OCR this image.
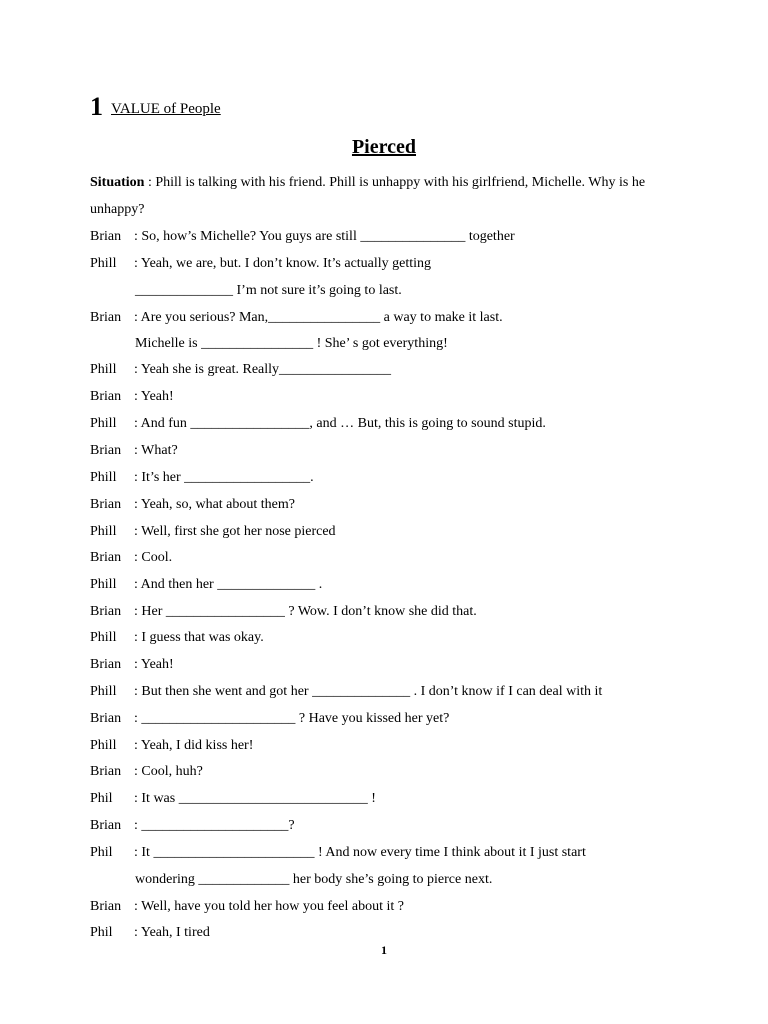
1 VALUE of People
Pierced
Situation : Phill is talking with his friend. Phill is unhappy with his girlfriend, Michelle. Why is he unhappy?
Brian : So, how’s Michelle? You guys are still _______________ together
Phill : Yeah, we are, but. I don’t know. It’s actually getting
______________ I’m not sure it’s going to last.
Brian : Are you serious? Man,________________ a way to make it last.
Michelle is ________________ ! She’ s got everything!
Phill : Yeah she is great. Really________________
Brian : Yeah!
Phill : And fun _________________, and … But, this is going to sound stupid.
Brian : What?
Phill : It’s her __________________.
Brian : Yeah, so, what about them?
Phill : Well, first she got her nose pierced
Brian : Cool.
Phill : And then her ______________ .
Brian : Her _________________ ? Wow. I don’t know she did that.
Phill : I guess that was okay.
Brian : Yeah!
Phill : But then she went and got her ______________ . I don’t know if I can deal with it
Brian : ______________________ ? Have you kissed her yet?
Phill : Yeah, I did kiss her!
Brian : Cool, huh?
Phil : It was ___________________________ !
Brian : _____________________?
Phil : It _______________________ ! And now every time I think about it I just start
wondering _____________ her body she’s going to pierce next.
Brian : Well, have you told her how you feel about it ?
Phil : Yeah, I tired
1
